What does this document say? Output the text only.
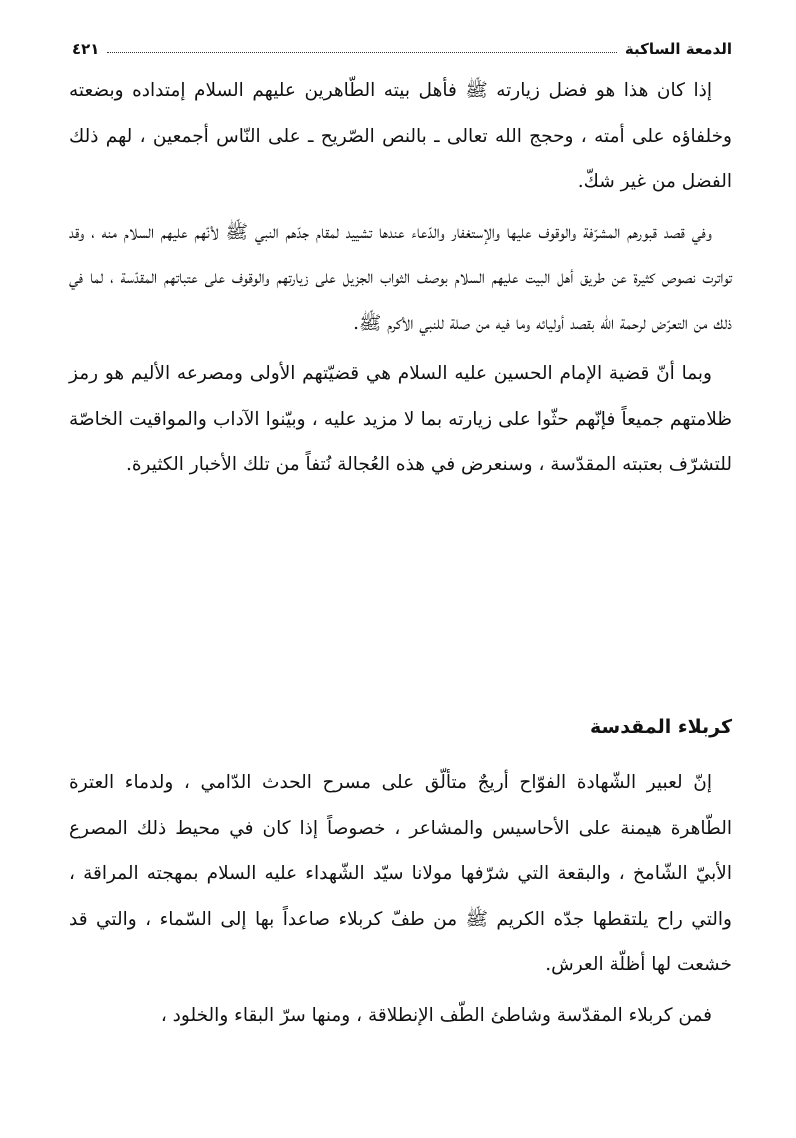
الدمعة الساكبة
٤٢١

إذا كان هذا هو فضل زيارته ﷺ فأهل بيته الطّاهرين عليهم السلام إمتداده وبضعته وخلفاؤه على أمته ، وحجج الله تعالى ـ بالنص الصّريح ـ على النّاس أجمعين ، لهم ذلك الفضل من غير شكّ.

وفي قصد قبورهم المشرّفة والوقوف عليها والإستغفار والدّعاء عندها تشييد لمقام جدّهم النبي ﷺ لأنّهم عليهم السلام منه ، وقد تواترت نصوص كثيرة عن طريق أهل البيت عليهم السلام بوصف الثواب الجزيل على زيارتهم والوقوف على عتباتهم المقدّسة ، لما في ذلك من التعرّض لرحمة الله بقصد أوليائه وما فيه من صلة للنبي الأكرم ﷺ.

وبما أنّ قضية الإمام الحسين عليه السلام هي قضيّتهم الأولى ومصرعه الأليم هو رمز ظلامتهم جميعاً فإنّهم حثّوا على زيارته بما لا مزيد عليه ، وبيّنوا الآداب والمواقيت الخاصّة للتشرّف بعتبته المقدّسة ، وسنعرض في هذه العُجالة نُتفاً من تلك الأخبار الكثيرة.

كربلاء المقدسة

إنّ لعبير الشّهادة الفوّاح أريجٌ متألّق على مسرح الحدث الدّامي ، ولدماء العترة الطّاهرة هيمنة على الأحاسيس والمشاعر ، خصوصاً إذا كان في محيط ذلك المصرع الأبيّ الشّامخ ، والبقعة التي شرّفها مولانا سيّد الشّهداء عليه السلام بمهجته المراقة ، والتي راح يلتقطها جدّه الكريم ﷺ من طفّ كربلاء صاعداً بها إلى السّماء ، والتي قد خشعت لها أظلّة العرش.

فمن كربلاء المقدّسة وشاطئ الطّف الإنطلاقة ، ومنها سرّ البقاء والخلود ،
